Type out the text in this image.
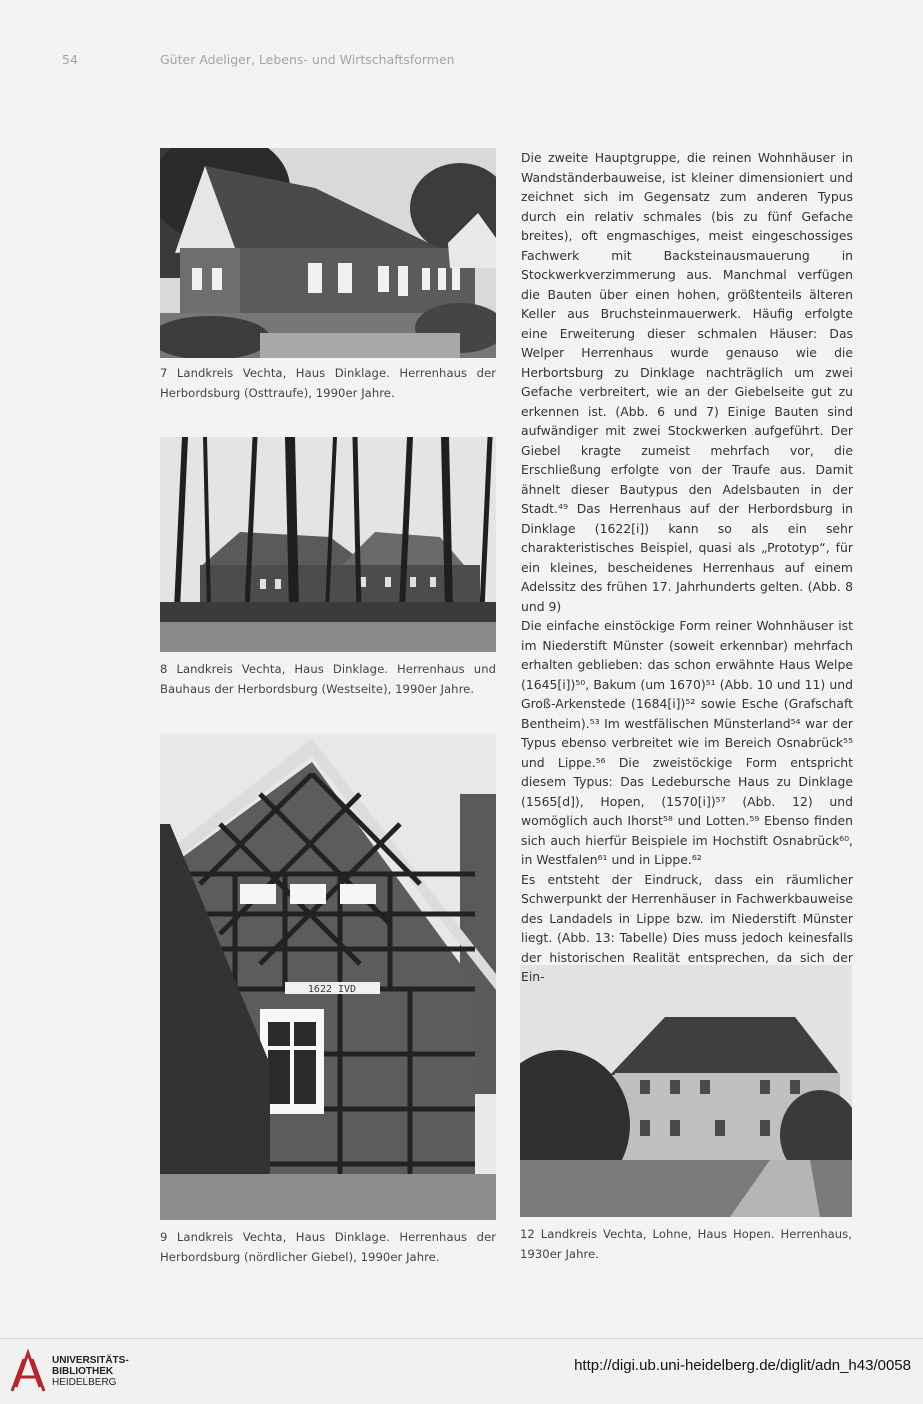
54	Güter Adeliger, Lebens- und Wirtschaftsformen
7 Landkreis Vechta, Haus Dinklage. Herrenhaus der Herbordsburg (Osttraufe), 1990er Jahre.
8 Landkreis Vechta, Haus Dinklage. Herrenhaus und Bauhaus der Herbordsburg (Westseite), 1990er Jahre.
1622 IVD
9 Landkreis Vechta, Haus Dinklage. Herrenhaus der Herbordsburg (nördlicher Giebel), 1990er Jahre.
12 Landkreis Vechta, Lohne, Haus Hopen. Herrenhaus, 1930er Jahre.

Die zweite Hauptgruppe, die reinen Wohnhäuser in Wandständerbauweise, ist kleiner dimensioniert und zeichnet sich im Gegensatz zum anderen Typus durch ein relativ schmales (bis zu fünf Gefache breites), oft engmaschiges, meist eingeschossiges Fachwerk mit Backsteinausmauerung in Stockwerkverzimmerung aus. Manchmal verfügen die Bauten über einen hohen, größtenteils älteren Keller aus Bruchsteinmauerwerk. Häufig erfolgte eine Erweiterung dieser schmalen Häuser: Das Welper Herrenhaus wurde genauso wie die Herbortsburg zu Dinklage nachträglich um zwei Gefache verbreitert, wie an der Giebelseite gut zu erkennen ist. (Abb. 6 und 7) Einige Bauten sind aufwändiger mit zwei Stockwerken aufgeführt. Der Giebel kragte zumeist mehrfach vor, die Erschließung erfolgte von der Traufe aus. Damit ähnelt dieser Bautypus den Adelsbauten in der Stadt.⁴⁹ Das Herrenhaus auf der Herbordsburg in Dinklage (1622[i]) kann so als ein sehr charakteristisches Beispiel, quasi als „Prototyp“, für ein kleines, bescheidenes Herrenhaus auf einem Adelssitz des frühen 17. Jahrhunderts gelten. (Abb. 8 und 9)

Die einfache einstöckige Form reiner Wohnhäuser ist im Niederstift Münster (soweit erkennbar) mehrfach erhalten geblieben: das schon erwähnte Haus Welpe (1645[i])⁵⁰, Bakum (um 1670)⁵¹ (Abb. 10 und 11) und Groß-Arkenstede (1684[i])⁵² sowie Esche (Grafschaft Bentheim).⁵³ Im westfälischen Münsterland⁵⁴ war der Typus ebenso verbreitet wie im Bereich Osnabrück⁵⁵ und Lippe.⁵⁶ Die zweistöckige Form entspricht diesem Typus: Das Ledebursche Haus zu Dinklage (1565[d]), Hopen, (1570[i])⁵⁷ (Abb. 12) und womöglich auch Ihorst⁵⁸ und Lotten.⁵⁹ Ebenso finden sich auch hierfür Beispiele im Hochstift Osnabrück⁶⁰, in Westfalen⁶¹ und in Lippe.⁶²

Es entsteht der Eindruck, dass ein räumlicher Schwerpunkt der Herrenhäuser in Fachwerkbauweise des Landadels in Lippe bzw. im Niederstift Münster liegt. (Abb. 13: Tabelle) Dies muss jedoch keinesfalls der historischen Realität entsprechen, da sich der Ein-

UNIVERSITÄTS-
BIBLIOTHEK
HEIDELBERG
http://digi.ub.uni-heidelberg.de/diglit/adn_h43/0058
